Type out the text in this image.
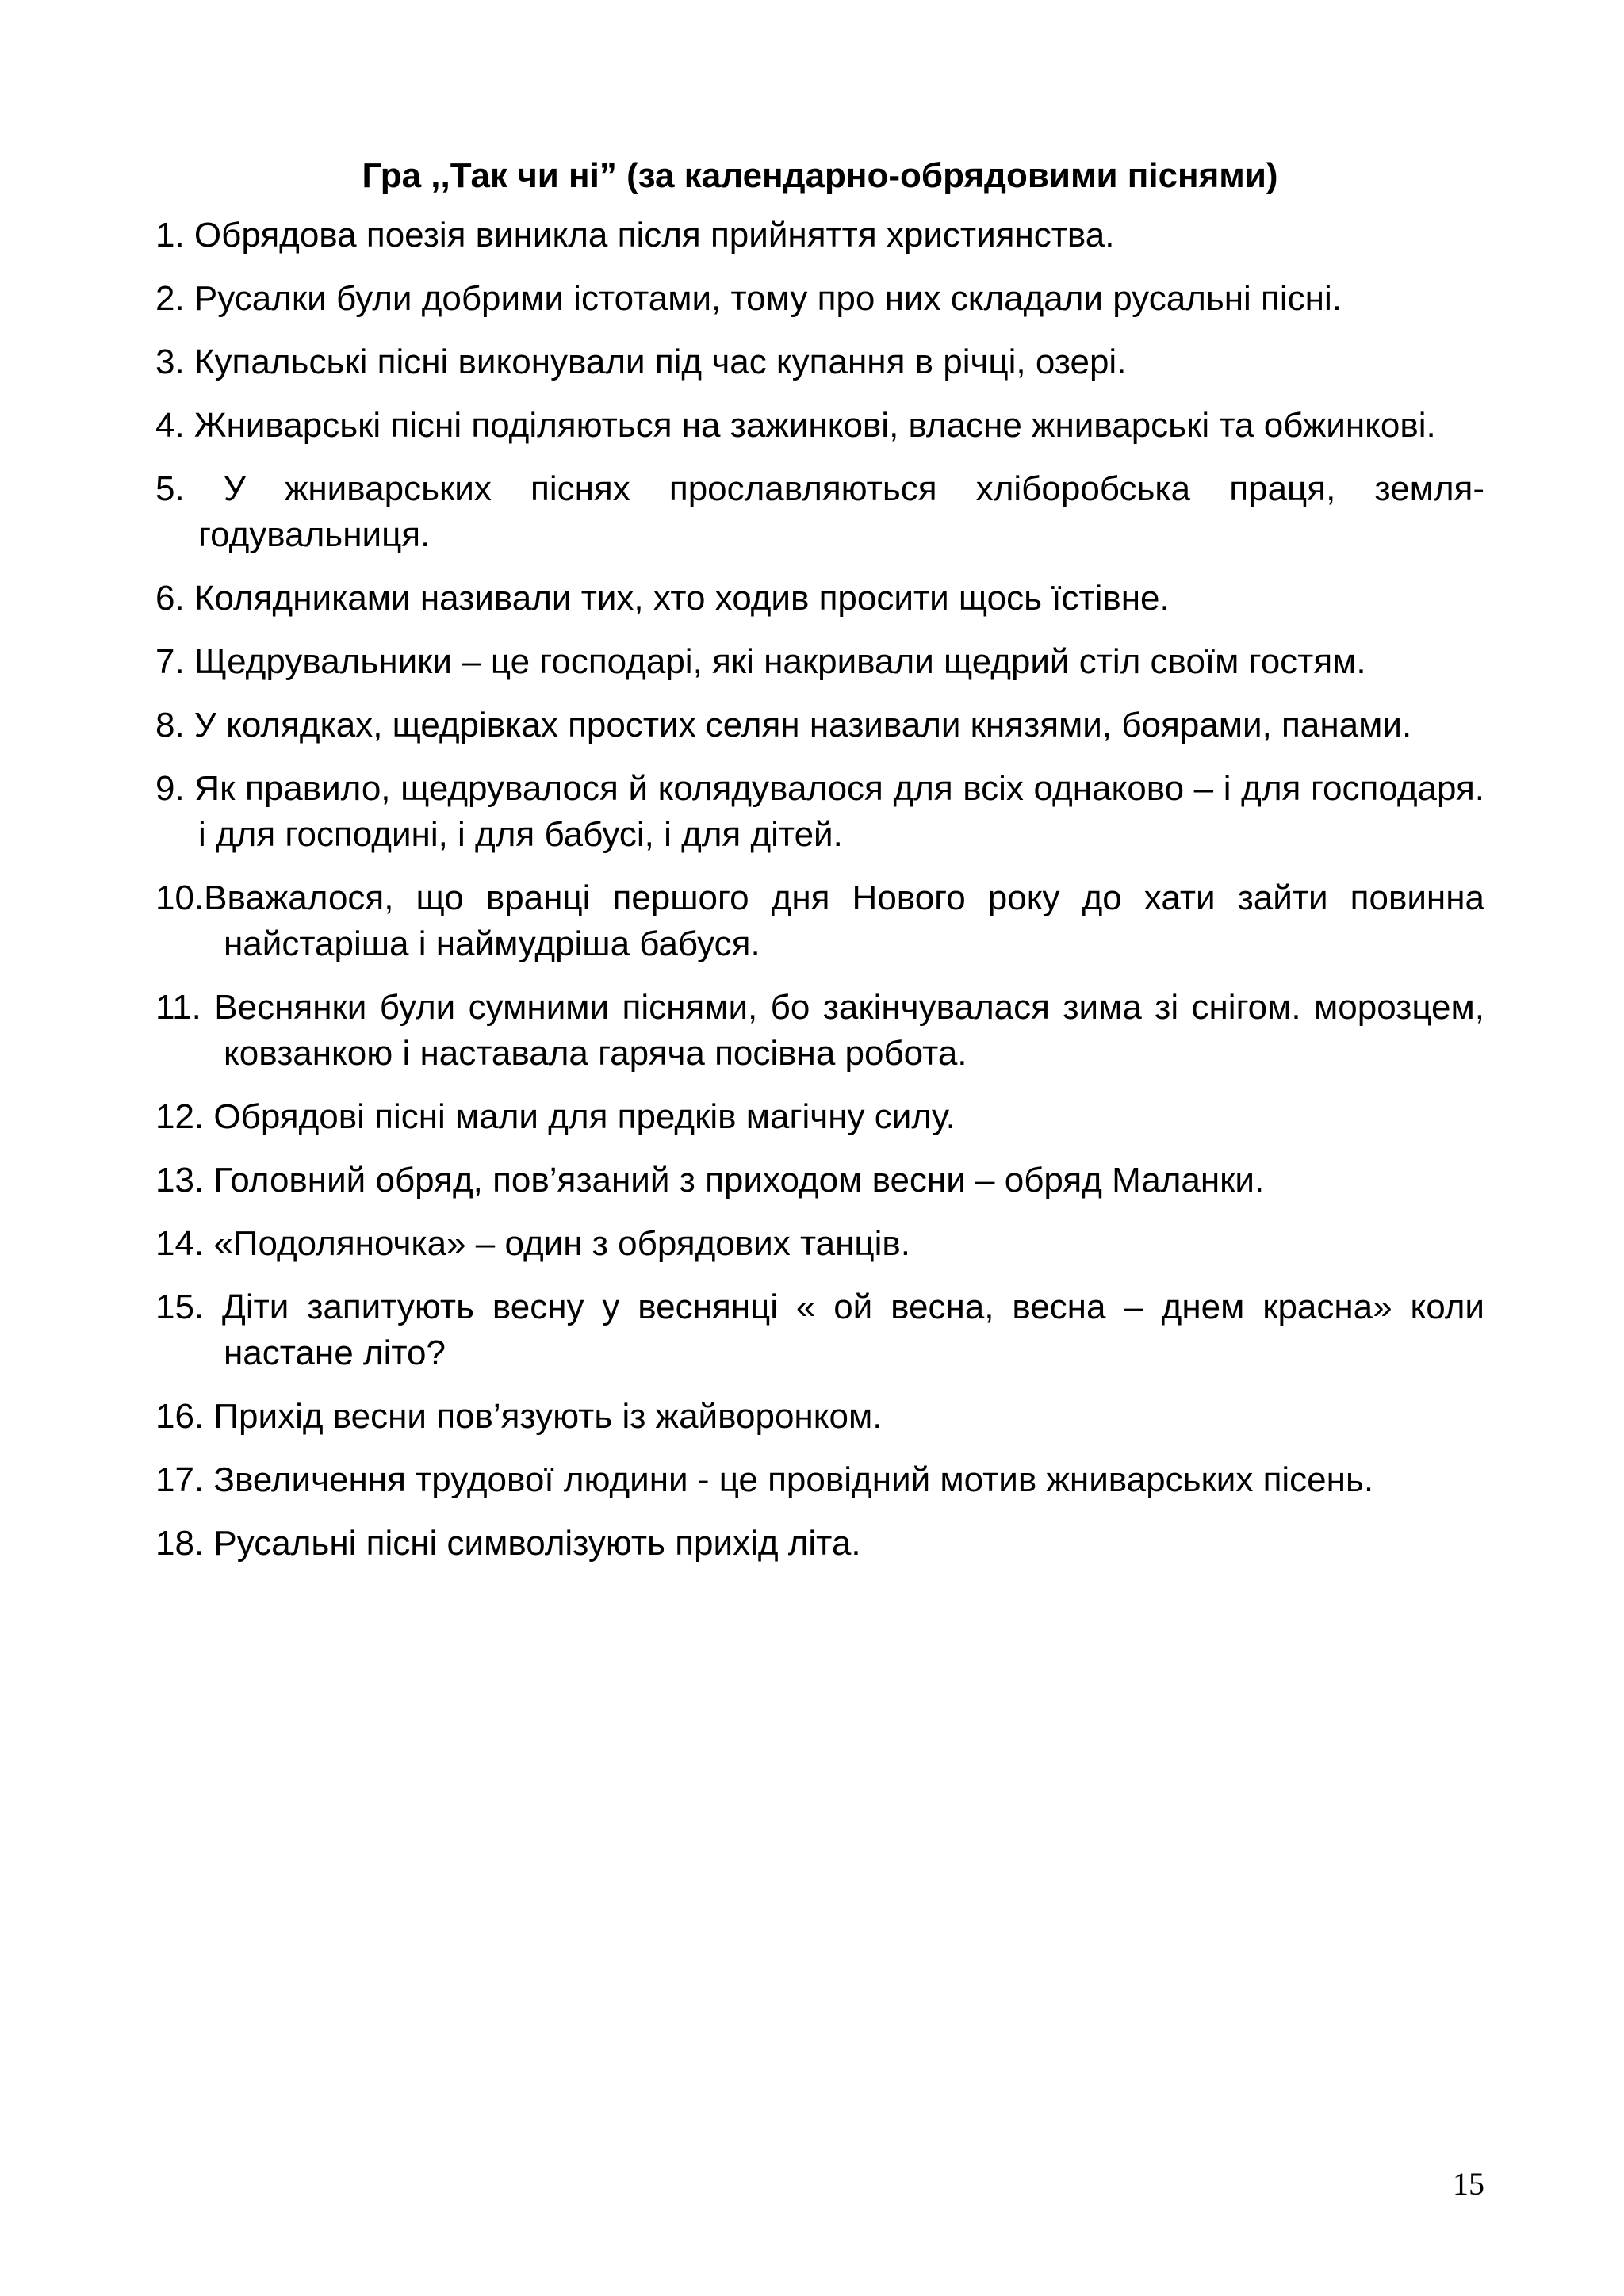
Гра ,,Так чи ні” (за календарно-обрядовими піснями)
1. Обрядова поезія виникла після прийняття християнства.
2. Русалки були добрими істотами, тому про них складали русальні пісні.
3. Купальські пісні виконували під час купання в річці, озері.
4. Жниварські пісні поділяються на зажинкові, власне жниварські та обжинкові.
5. У жниварських піснях прославляються хліборобська праця, земля-годувальниця.
6. Колядниками називали тих, хто ходив просити щось їстівне.
7. Щедрувальники – це господарі, які накривали щедрий стіл своїм гостям.
8. У колядках, щедрівках простих селян називали князями, боярами, панами.
9. Як правило, щедрувалося й колядувалося для всіх однаково – і для господаря. і для господині, і для бабусі, і для дітей.
10.Вважалося, що вранці першого дня Нового року до хати зайти повинна найстаріша і наймудріша бабуся.
11. Веснянки були сумними піснями, бо закінчувалася зима зі снігом. морозцем, ковзанкою і наставала гаряча посівна робота.
12. Обрядові пісні мали для предків магічну силу.
13. Головний обряд, пов’язаний з приходом весни – обряд Маланки.
14. «Подоляночка» – один з обрядових танців.
15. Діти запитують весну у веснянці « ой весна, весна – днем красна» коли настане літо?
16. Прихід весни пов’язують із жайворонком.
17. Звеличення трудової людини - це провідний мотив жниварських пісень.
18. Русальні пісні символізують прихід літа.
15
